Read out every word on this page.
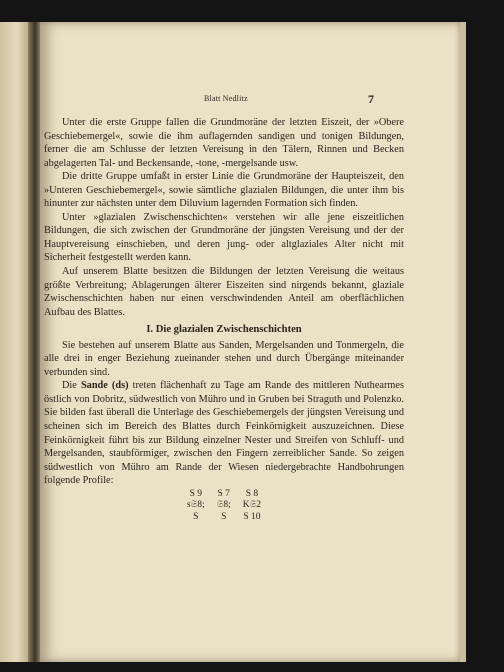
Blatt Nedlitz	7

Unter die erste Gruppe fallen die Grundmoräne der letzten Eiszeit, der »Obere Geschiebemergel«, sowie die ihm auflagernden sandigen und tonigen Bildungen, ferner die am Schlusse der letzten Vereisung in den Tälern, Rinnen und Becken abgelagerten Tal- und Beckensande, -tone, -mergelsande usw.

Die dritte Gruppe umfaßt in erster Linie die Grundmoräne der Haupteiszeit, den »Unteren Geschiebemergel«, sowie sämtliche glazialen Bildungen, die unter ihm bis hinunter zur nächsten unter dem Diluvium lagernden Formation sich finden.

Unter »glazialen Zwischenschichten« verstehen wir alle jene eiszeitlichen Bildungen, die sich zwischen der Grundmoräne der jüngsten Vereisung und der der Hauptvereisung einschieben, und deren jung- oder altglaziales Alter nicht mit Sicherheit festgestellt werden kann.

Auf unserem Blatte besitzen die Bildungen der letzten Vereisung die weitaus größte Verbreitung; Ablagerungen älterer Eiszeiten sind nirgends bekannt, glaziale Zwischenschichten haben nur einen verschwindenden Anteil am oberflächlichen Aufbau des Blattes.

I. Die glazialen Zwischenschichten

Sie bestehen auf unserem Blatte aus Sanden, Mergelsanden und Tonmergeln, die alle drei in enger Beziehung zueinander stehen und durch Übergänge miteinander verbunden sind.

Die Sande (ds) treten flächenhaft zu Tage am Rande des mittleren Nuthearmes östlich von Dobritz, südwestlich von Mühro und in Gruben bei Straguth und Polenzko. Sie bilden fast überall die Unterlage des Geschiebemergels der jüngsten Vereisung und scheinen sich im Bereich des Blattes durch Feinkörnigkeit auszuzeichnen. Diese Feinkörnigkeit führt bis zur Bildung einzelner Nester und Streifen von Schluff- und Mergelsanden, staubförmiger, zwischen den Fingern zerreiblicher Sande. So zeigen südwestlich von Mühro am Rande der Wiesen niedergebrachte Handbohrungen folgende Profile:

S 9	S 7	S 8
s𝔖8;	𝔖8;	K𝔖2
S	S	S 10
